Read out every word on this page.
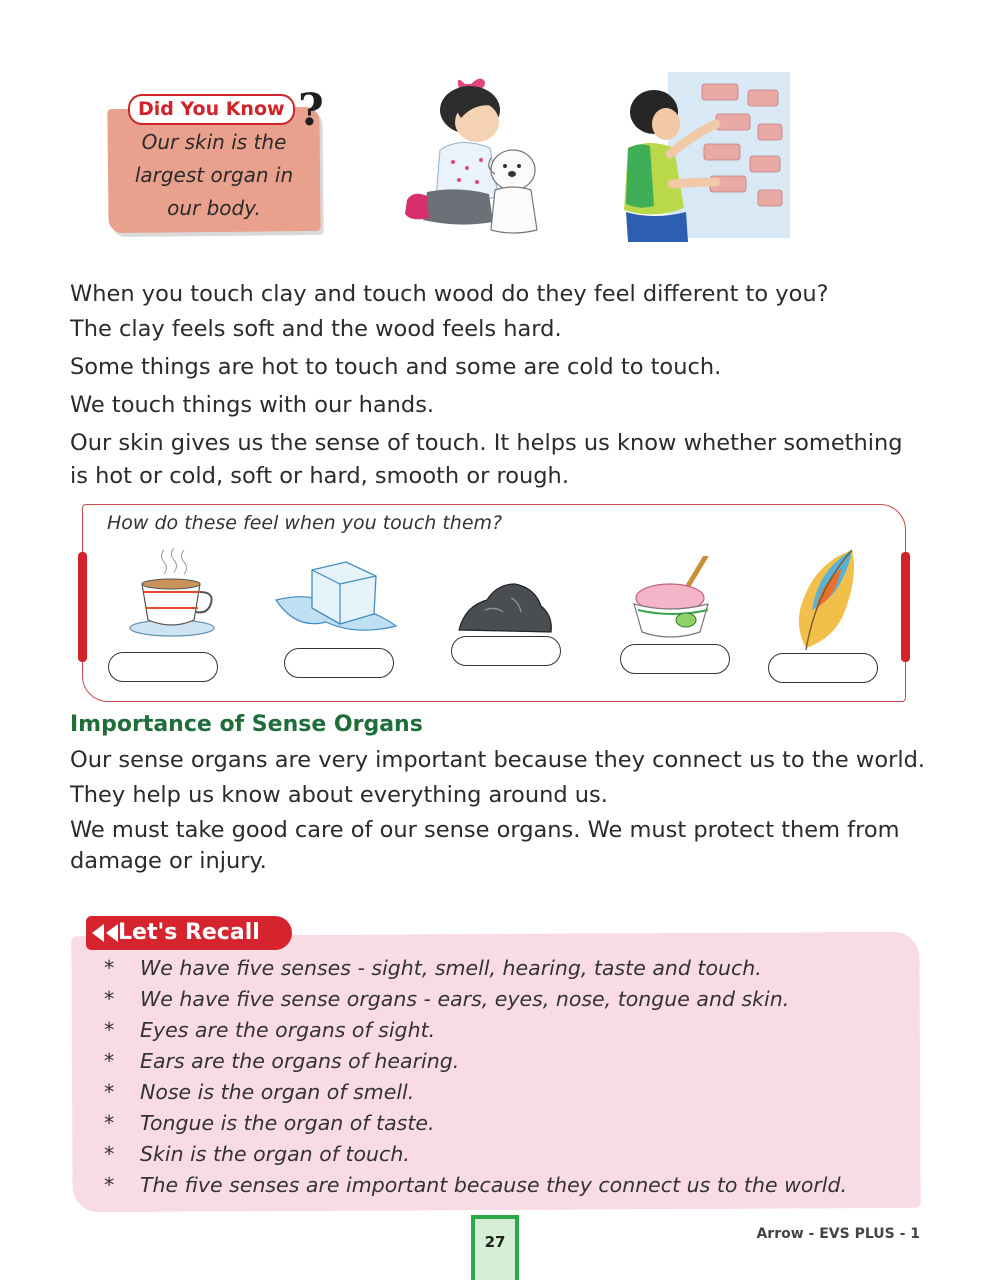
Did You Know ?
Our skin is the
largest organ in
our body.
When you touch clay and touch wood do they feel different to you?
The clay feels soft and the wood feels hard.
Some things are hot to touch and some are cold to touch.
We touch things with our hands.
Our skin gives us the sense of touch. It helps us know whether something
is hot or cold, soft or hard, smooth or rough.
How do these feel when you touch them?
Importance of Sense Organs
Our sense organs are very important because they connect us to the world.
They help us know about everything around us.
We must take good care of our sense organs. We must protect them from
damage or injury.
Let's Recall
* We have five senses - sight, smell, hearing, taste and touch.
* We have five sense organs - ears, eyes, nose, tongue and skin.
* Eyes are the organs of sight.
* Ears are the organs of hearing.
* Nose is the organ of smell.
* Tongue is the organ of taste.
* Skin is the organ of touch.
* The five senses are important because they connect us to the world.
27	Arrow - EVS PLUS - 1
